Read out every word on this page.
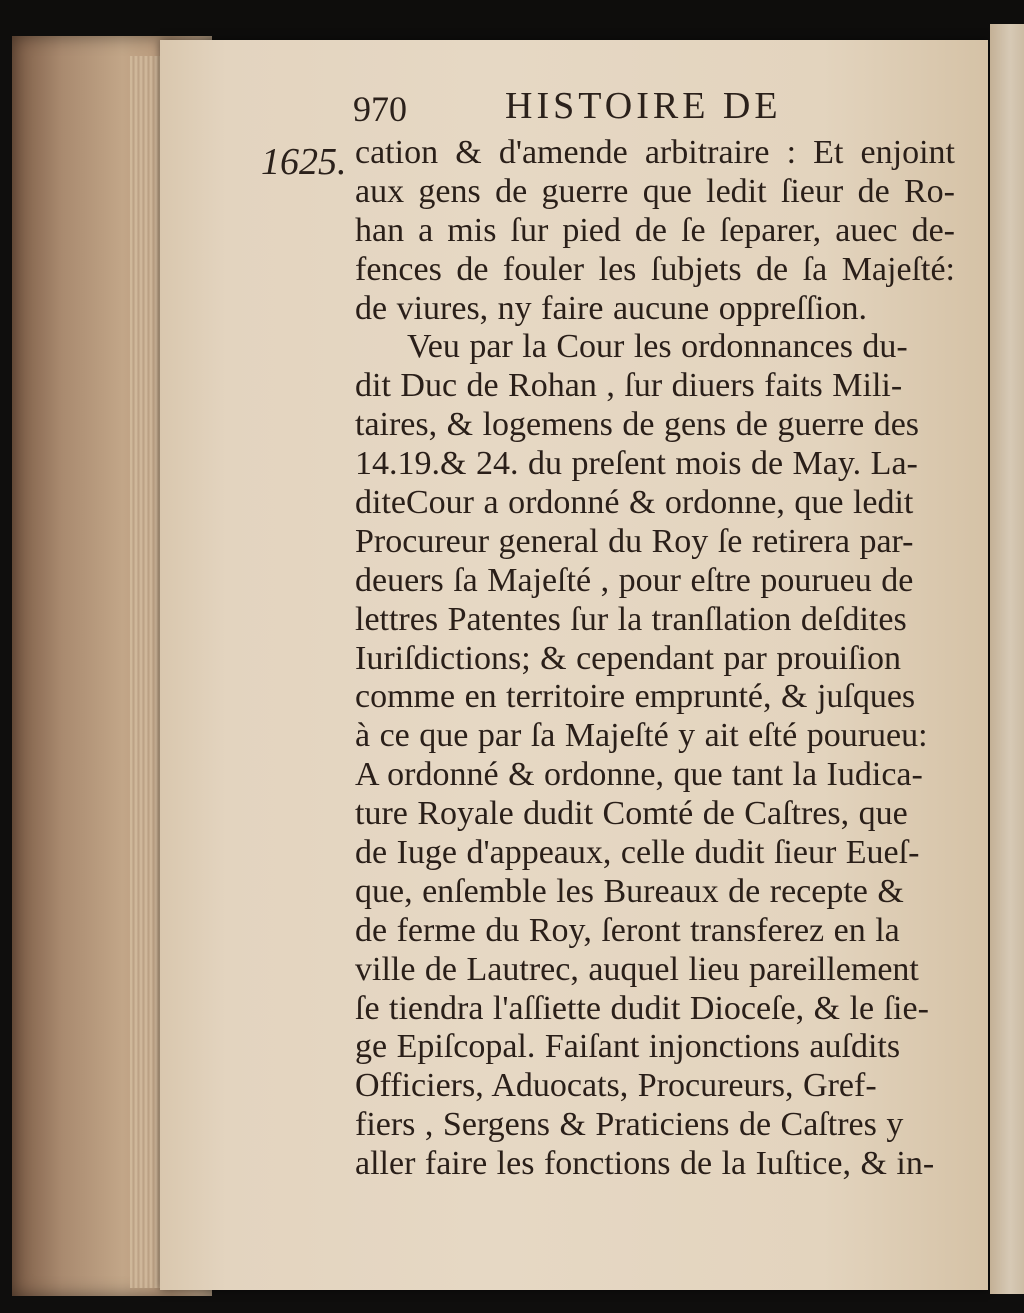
970	HISTOIRE DE
1625. cation & d'amende arbitraire : Et enjoint
aux gens de guerre que ledit ſieur de Ro-
han a mis ſur pied de ſe ſeparer, auec de-
fences de fouler les ſubjets de ſa Majeſté:
de viures, ny faire aucune oppreſſion.
Veu par la Cour les ordonnances du-
dit Duc de Rohan , ſur diuers faits Mili-
taires, & logemens de gens de guerre des
14.19.& 24. du preſent mois de May. La-
diteCour a ordonné & ordonne, que ledit
Procureur general du Roy ſe retirera par-
deuers ſa Majeſté , pour eſtre pourueu de
lettres Patentes ſur la tranſlation deſdites
Iuriſdictions; & cependant par prouiſion
comme en territoire emprunté, & juſques
à ce que par ſa Majeſté y ait eſté pourueu:
A ordonné & ordonne, que tant la Iudica-
ture Royale dudit Comté de Caſtres, que
de Iuge d'appeaux, celle dudit ſieur Eueſ-
que, enſemble les Bureaux de recepte &
de ferme du Roy, ſeront transferez en la
ville de Lautrec, auquel lieu pareillement
ſe tiendra l'aſſiette dudit Dioceſe, & le ſie-
ge Epiſcopal. Faiſant injonctions auſdits
Officiers, Aduocats, Procureurs, Gref-
fiers , Sergens & Praticiens de Caſtres y
aller faire les fonctions de la Iuſtice, & in-
